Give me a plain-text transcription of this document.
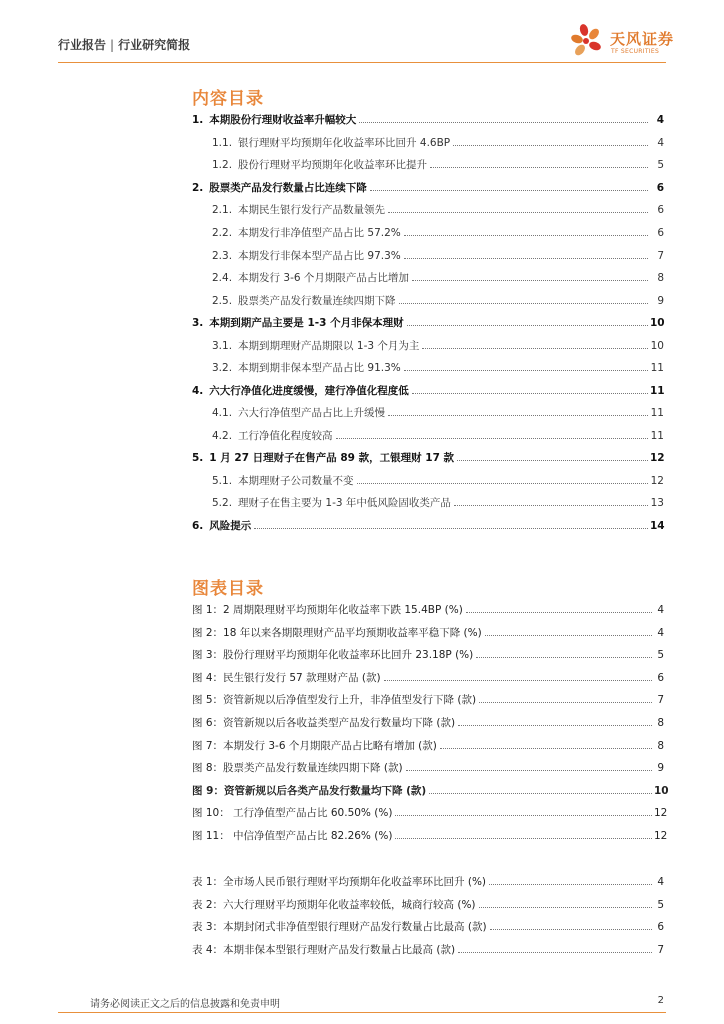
行业报告 | 行业研究简报	天风证券
TF SECURITIES
内容目录
1. 本期股份行理财收益率升幅较大	4
1.1. 银行理财平均预期年化收益率环比回升 4.6BP	4
1.2. 股份行理财平均预期年化收益率环比提升	5
2. 股票类产品发行数量占比连续下降	6
2.1. 本期民生银行发行产品数量领先	6
2.2. 本期发行非净值型产品占比 57.2%	6
2.3. 本期发行非保本型产品占比 97.3%	7
2.4. 本期发行 3-6 个月期限产品占比增加	8
2.5. 股票类产品发行数量连续四期下降	9
3. 本期到期产品主要是 1-3 个月非保本理财	10
3.1. 本期到期理财产品期限以 1-3 个月为主	10
3.2. 本期到期非保本型产品占比 91.3%	11
4. 六大行净值化进度缓慢，建行净值化程度低	11
4.1. 六大行净值型产品占比上升缓慢	11
4.2. 工行净值化程度较高	11
5. 1 月 27 日理财子在售产品 89 款，工银理财 17 款	12
5.1. 本期理财子公司数量不变	12
5.2. 理财子在售主要为 1-3 年中低风险固收类产品	13
6. 风险提示	14
图表目录
图 1：2 周期限理财平均预期年化收益率下跌 15.4BP (%)	4
图 2：18 年以来各期限理财产品平均预期收益率平稳下降 (%)	4
图 3：股份行理财平均预期年化收益率环比回升 23.18P (%)	5
图 4：民生银行发行 57 款理财产品 (款)	6
图 5：资管新规以后净值型发行上升，非净值型发行下降 (款)	7
图 6：资管新规以后各收益类型产品发行数量均下降 (款)	8
图 7：本期发行 3-6 个月期限产品占比略有增加 (款)	8
图 8：股票类产品发行数量连续四期下降 (款)	9
图 9：资管新规以后各类产品发行数量均下降 (款)	10
图 10： 工行净值型产品占比 60.50% (%)	12
图 11： 中信净值型产品占比 82.26% (%)	12
表 1：全市场人民币银行理财平均预期年化收益率环比回升 (%)	4
表 2：六大行理财平均预期年化收益率较低，城商行较高 (%)	5
表 3：本期封闭式非净值型银行理财产品发行数量占比最高 (款)	6
表 4：本期非保本型银行理财产品发行数量占比最高 (款)	7
请务必阅读正文之后的信息披露和免责申明	2
